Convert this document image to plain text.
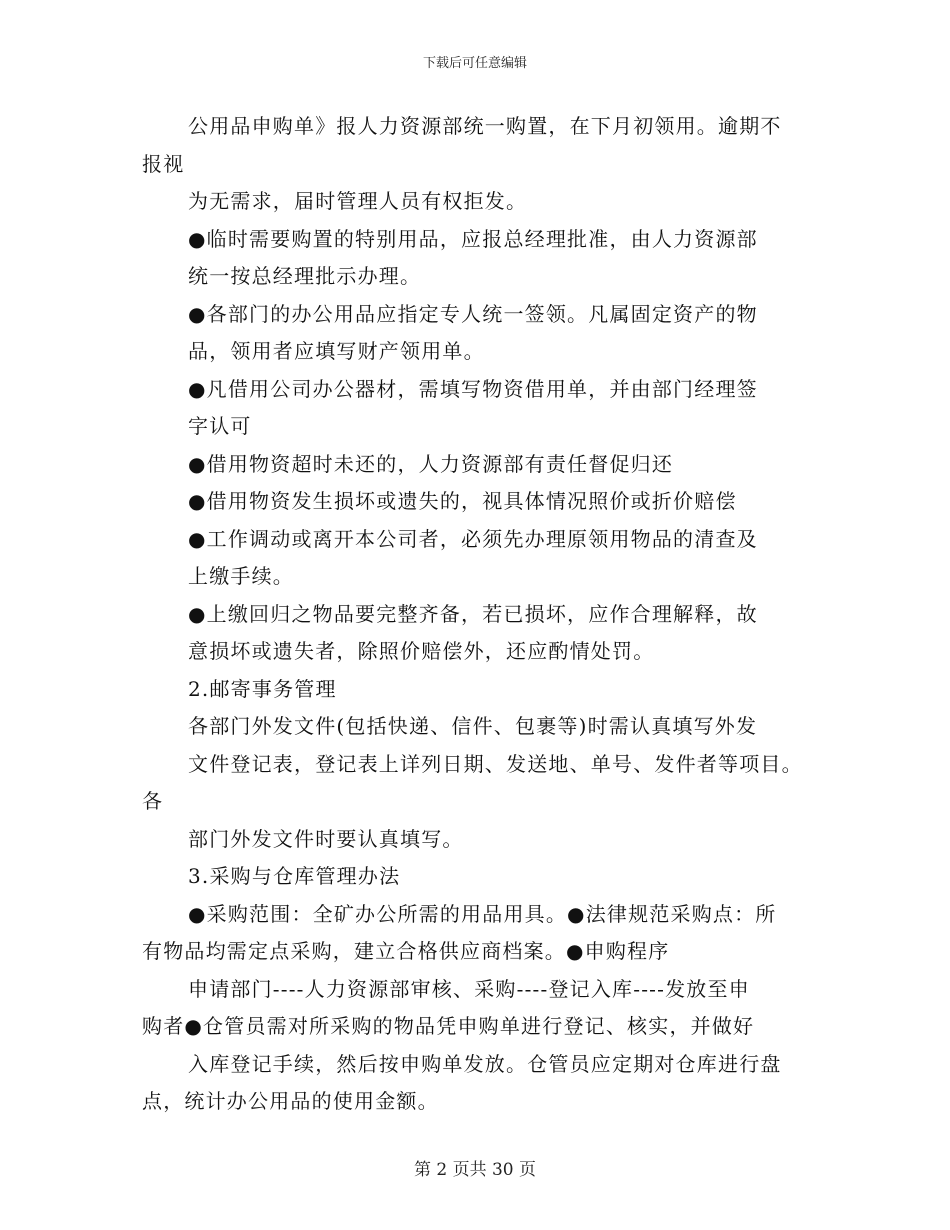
下载后可任意编辑
公用品申购单》报人力资源部统一购置，在下月初领用。逾期不
报视
为无需求，届时管理人员有权拒发。
●临时需要购置的特别用品，应报总经理批准，由人力资源部
统一按总经理批示办理。
●各部门的办公用品应指定专人统一签领。凡属固定资产的物
品，领用者应填写财产领用单。
●凡借用公司办公器材，需填写物资借用单，并由部门经理签
字认可
●借用物资超时未还的，人力资源部有责任督促归还
●借用物资发生损坏或遗失的，视具体情况照价或折价赔偿
●工作调动或离开本公司者，必须先办理原领用物品的清查及
上缴手续。
●上缴回归之物品要完整齐备，若已损坏，应作合理解释，故
意损坏或遗失者，除照价赔偿外，还应酌情处罚。
2.邮寄事务管理
各部门外发文件(包括快递、信件、包裹等)时需认真填写外发
文件登记表，登记表上详列日期、发送地、单号、发件者等项目。
各
部门外发文件时要认真填写。
3.采购与仓库管理办法
●采购范围：全矿办公所需的用品用具。●法律规范采购点：所
有物品均需定点采购，建立合格供应商档案。●申购程序
申请部门----人力资源部审核、采购----登记入库----发放至申
购者●仓管员需对所采购的物品凭申购单进行登记、核实，并做好
入库登记手续，然后按申购单发放。仓管员应定期对仓库进行盘
点，统计办公用品的使用金额。
第 2 页共 30 页
